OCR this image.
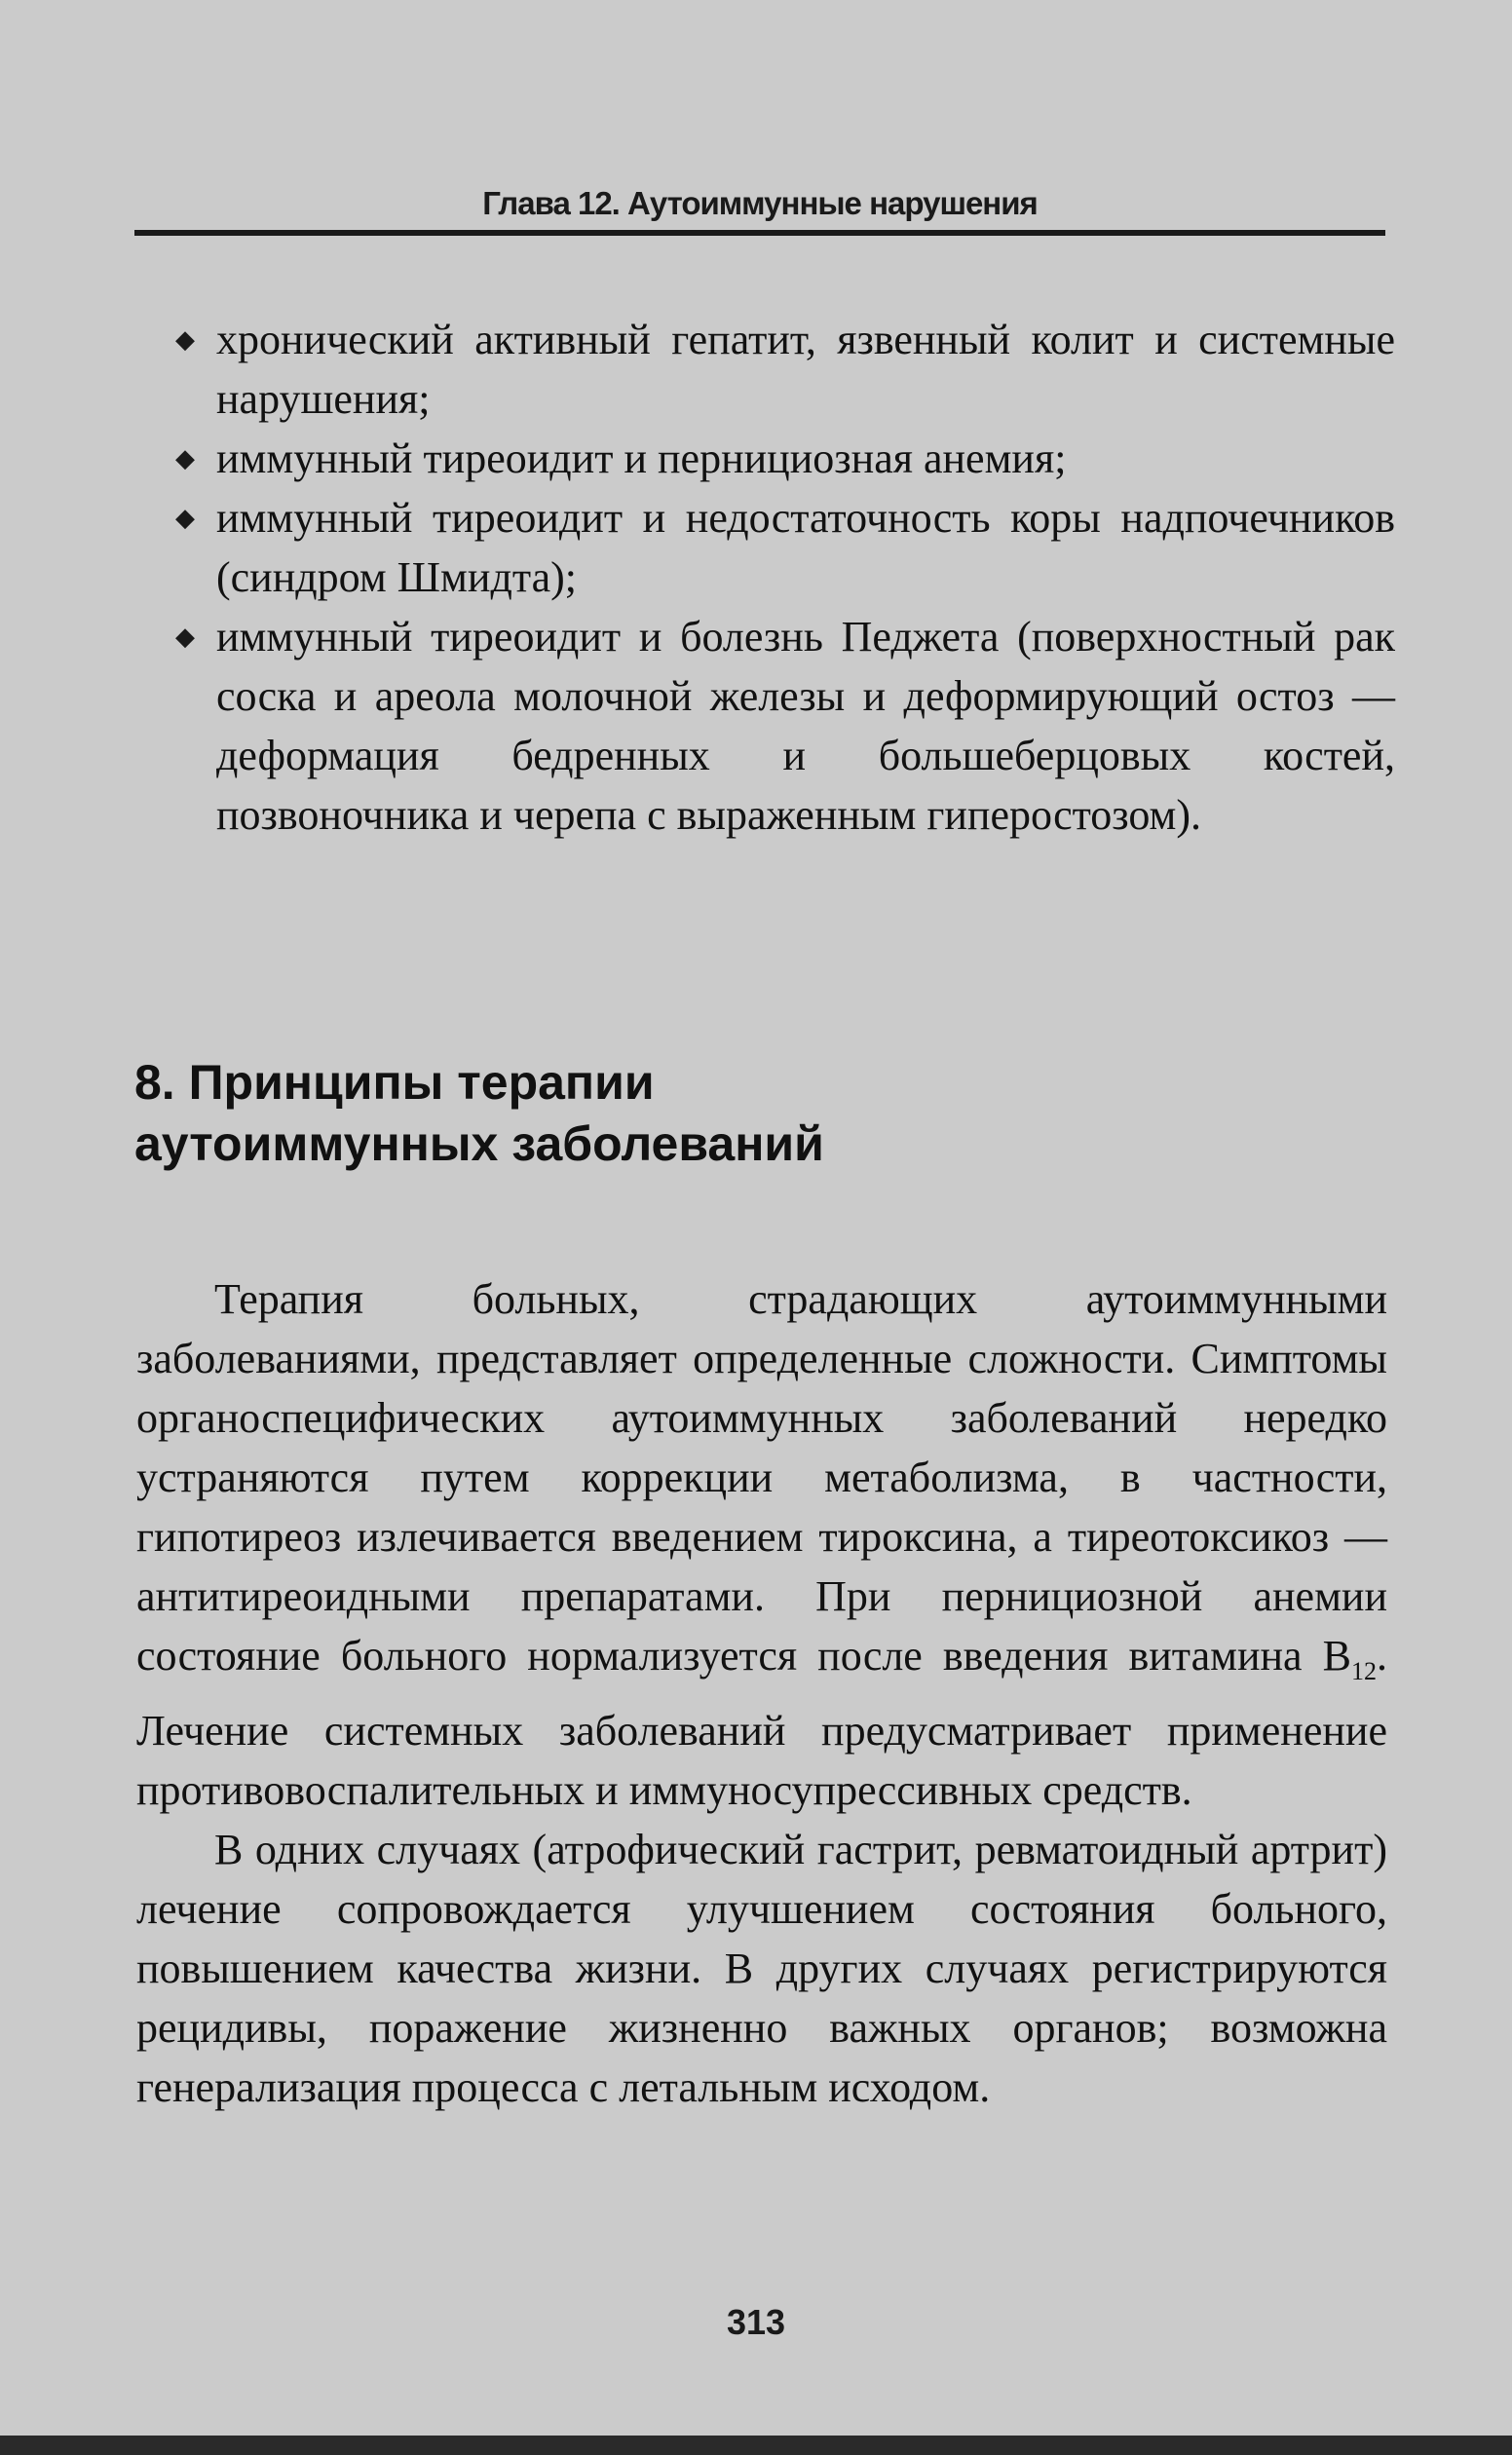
Глава 12. Аутоиммунные нарушения
◆ хронический активный гепатит, язвенный колит и системные нарушения;
◆ иммунный тиреоидит и пернициозная анемия;
◆ иммунный тиреоидит и недостаточность коры надпочечников (синдром Шмидта);
◆ иммунный тиреоидит и болезнь Педжета (поверхностный рак соска и ареола молочной железы и деформирующий остоз — деформация бедренных и большеберцовых костей, позвоночника и черепа с выраженным гиперостозом).
8. Принципы терапии
аутоиммунных заболеваний

Терапия больных, страдающих аутоиммунными заболеваниями, представляет определенные сложности. Симптомы органоспецифических аутоиммунных заболеваний нередко устраняются путем коррекции метаболизма, в частности, гипотиреоз излечивается введением тироксина, а тиреотоксикоз — антитиреоидными препаратами. При пернициозной анемии состояние больного нормализуется после введения витамина $B_{12}$. Лечение системных заболеваний предусматривает применение противовоспалительных и иммуносупрессивных средств.

В одних случаях (атрофический гастрит, ревматоидный артрит) лечение сопровождается улучшением состояния больного, повышением качества жизни. В других случаях регистрируются рецидивы, поражение жизненно важных органов; возможна генерализация процесса с летальным исходом.

313
